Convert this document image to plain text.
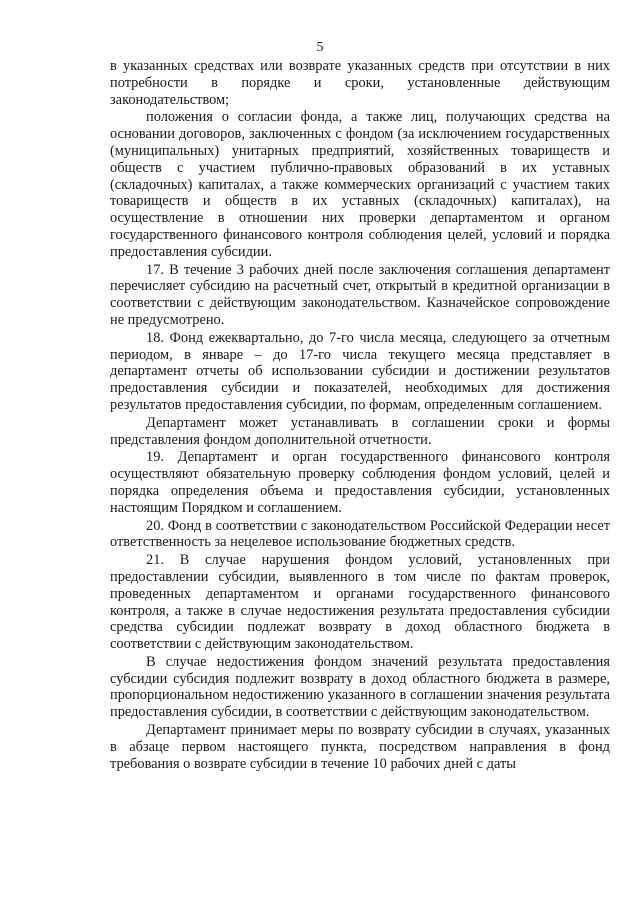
5

в указанных средствах или возврате указанных средств при отсутствии в них потребности в порядке и сроки, установленные действующим законодательством;

положения о согласии фонда, а также лиц, получающих средства на основании договоров, заключенных с фондом (за исключением государственных (муниципальных) унитарных предприятий, хозяйственных товариществ и обществ с участием публично-правовых образований в их уставных (складочных) капиталах, а также коммерческих организаций с участием таких товариществ и обществ в их уставных (складочных) капиталах), на осуществление в отношении них проверки департаментом и органом государственного финансового контроля соблюдения целей, условий и порядка предоставления субсидии.

17. В течение 3 рабочих дней после заключения соглашения департамент перечисляет субсидию на расчетный счет, открытый в кредитной организации в соответствии с действующим законодательством. Казначейское сопровождение не предусмотрено.

18. Фонд ежеквартально, до 7-го числа месяца, следующего за отчетным периодом, в январе – до 17-го числа текущего месяца представляет в департамент отчеты об использовании субсидии и достижении результатов предоставления субсидии и показателей, необходимых для достижения результатов предоставления субсидии, по формам, определенным соглашением.

Департамент может устанавливать в соглашении сроки и формы представления фондом дополнительной отчетности.

19. Департамент и орган государственного финансового контроля осуществляют обязательную проверку соблюдения фондом условий, целей и порядка определения объема и предоставления субсидии, установленных настоящим Порядком и соглашением.

20. Фонд в соответствии с законодательством Российской Федерации несет ответственность за нецелевое использование бюджетных средств.

21. В случае нарушения фондом условий, установленных при предоставлении субсидии, выявленного в том числе по фактам проверок, проведенных департаментом и органами государственного финансового контроля, а также в случае недостижения результата предоставления субсидии средства субсидии подлежат возврату в доход областного бюджета в соответствии с действующим законодательством.

В случае недостижения фондом значений результата предоставления субсидии субсидия подлежит возврату в доход областного бюджета в размере, пропорциональном недостижению указанного в соглашении значения результата предоставления субсидии, в соответствии с действующим законодательством.

Департамент принимает меры по возврату субсидии в случаях, указанных в абзаце первом настоящего пункта, посредством направления в фонд требования о возврате субсидии в течение 10 рабочих дней с даты
